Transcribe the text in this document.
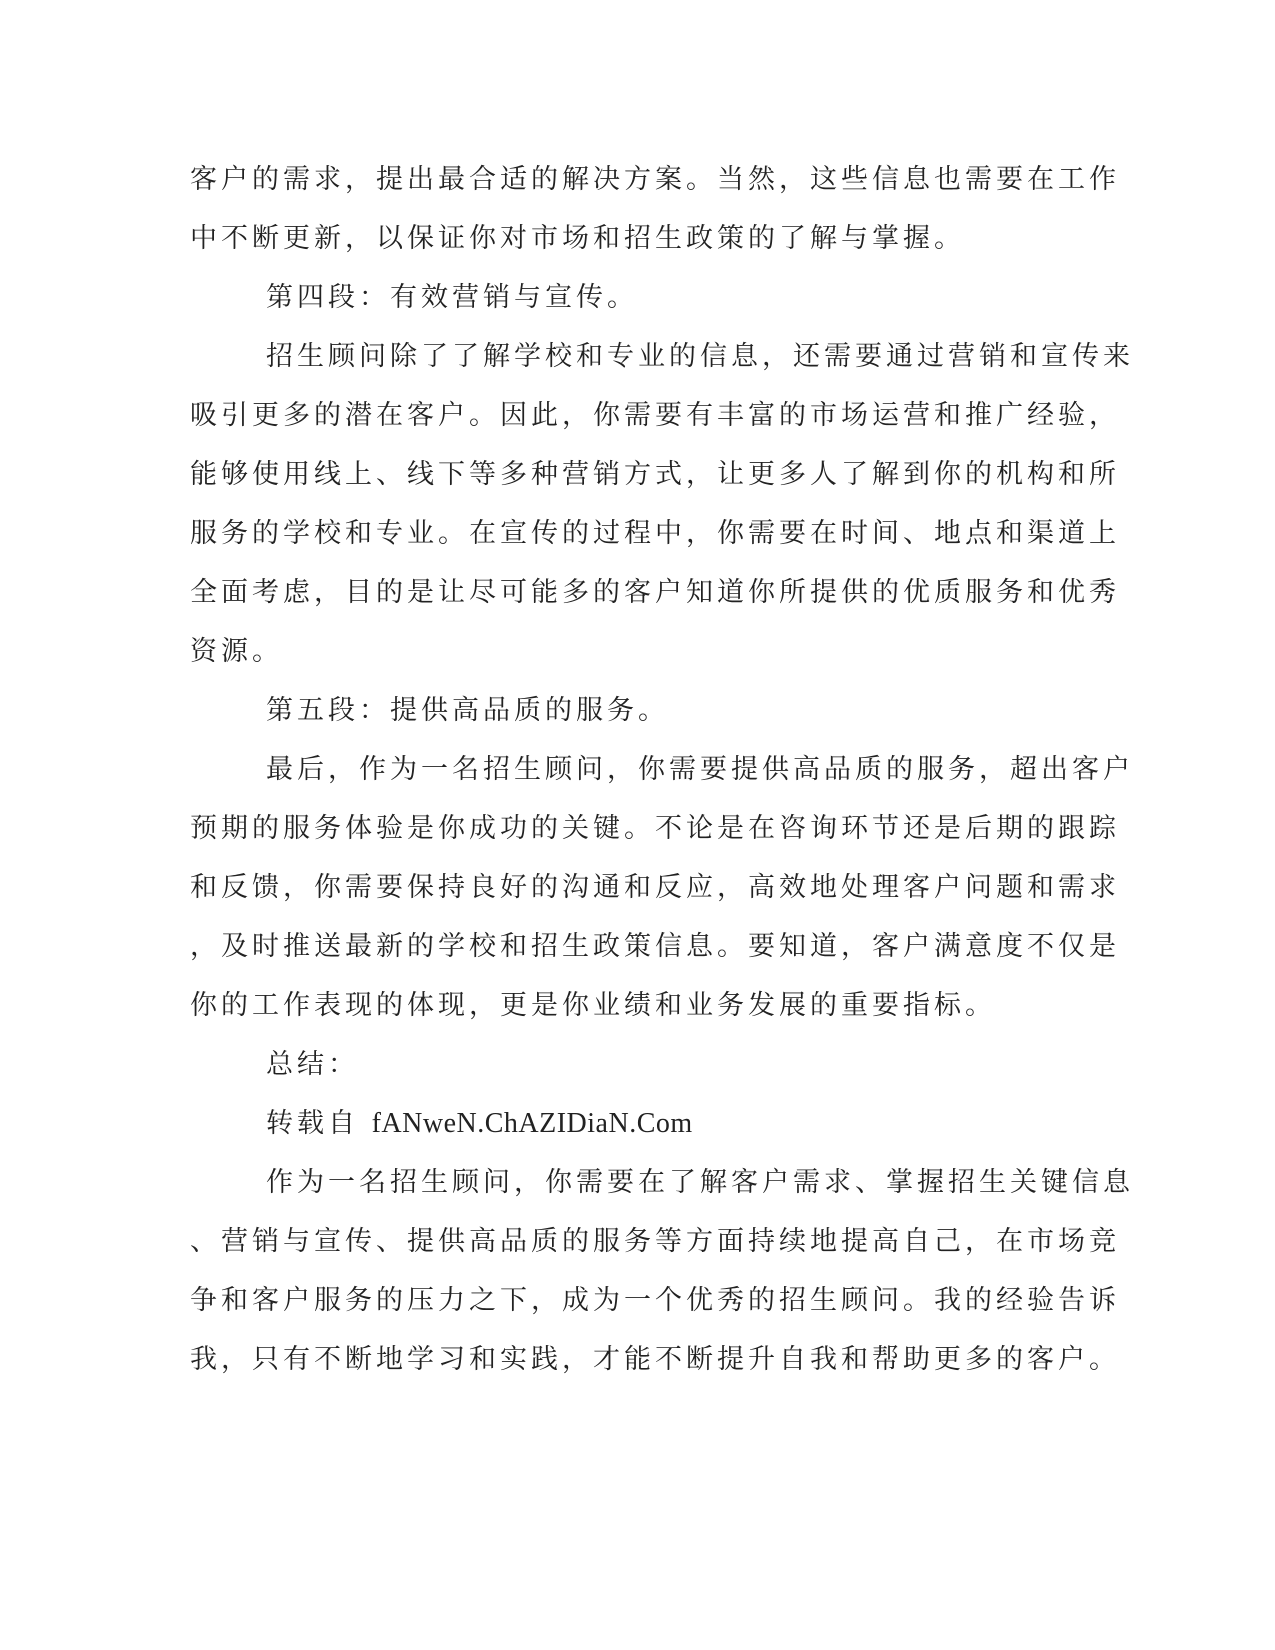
客户的需求，提出最合适的解决方案。当然，这些信息也需要在工作
中不断更新，以保证你对市场和招生政策的了解与掌握。
第四段：有效营销与宣传。
招生顾问除了了解学校和专业的信息，还需要通过营销和宣传来
吸引更多的潜在客户。因此，你需要有丰富的市场运营和推广经验，
能够使用线上、线下等多种营销方式，让更多人了解到你的机构和所
服务的学校和专业。在宣传的过程中，你需要在时间、地点和渠道上
全面考虑，目的是让尽可能多的客户知道你所提供的优质服务和优秀
资源。
第五段：提供高品质的服务。
最后，作为一名招生顾问，你需要提供高品质的服务，超出客户
预期的服务体验是你成功的关键。不论是在咨询环节还是后期的跟踪
和反馈，你需要保持良好的沟通和反应，高效地处理客户问题和需求
，及时推送最新的学校和招生政策信息。要知道，客户满意度不仅是
你的工作表现的体现，更是你业绩和业务发展的重要指标。
总结：
转载自 fANweN.ChAZIDiaN.Com
作为一名招生顾问，你需要在了解客户需求、掌握招生关键信息
、营销与宣传、提供高品质的服务等方面持续地提高自己，在市场竞
争和客户服务的压力之下，成为一个优秀的招生顾问。我的经验告诉
我，只有不断地学习和实践，才能不断提升自我和帮助更多的客户。
